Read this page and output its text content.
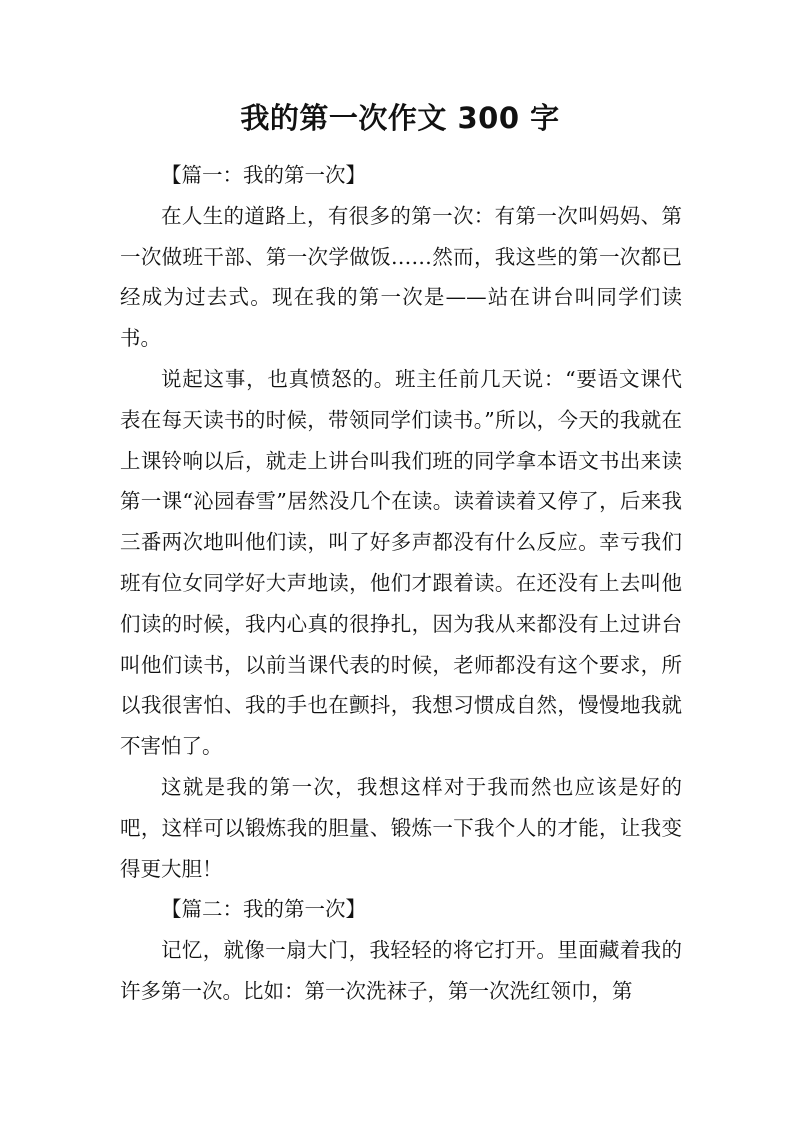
我的第一次作文 300 字

【篇一：我的第一次】

在人生的道路上，有很多的第一次：有第一次叫妈妈、第一次做班干部、第一次学做饭……然而，我这些的第一次都已经成为过去式。现在我的第一次是——站在讲台叫同学们读书。

说起这事，也真愤怒的。班主任前几天说：“要语文课代表在每天读书的时候，带领同学们读书。”所以，今天的我就在上课铃响以后，就走上讲台叫我们班的同学拿本语文书出来读第一课“沁园春雪”居然没几个在读。读着读着又停了，后来我三番两次地叫他们读，叫了好多声都没有什么反应。幸亏我们班有位女同学好大声地读，他们才跟着读。在还没有上去叫他们读的时候，我内心真的很挣扎，因为我从来都没有上过讲台叫他们读书，以前当课代表的时候，老师都没有这个要求，所以我很害怕、我的手也在颤抖，我想习惯成自然，慢慢地我就不害怕了。

这就是我的第一次，我想这样对于我而然也应该是好的吧，这样可以锻炼我的胆量、锻炼一下我个人的才能，让我变得更大胆！

【篇二：我的第一次】

记忆，就像一扇大门，我轻轻的将它打开。里面藏着我的许多第一次。比如：第一次洗袜子，第一次洗红领巾，第
